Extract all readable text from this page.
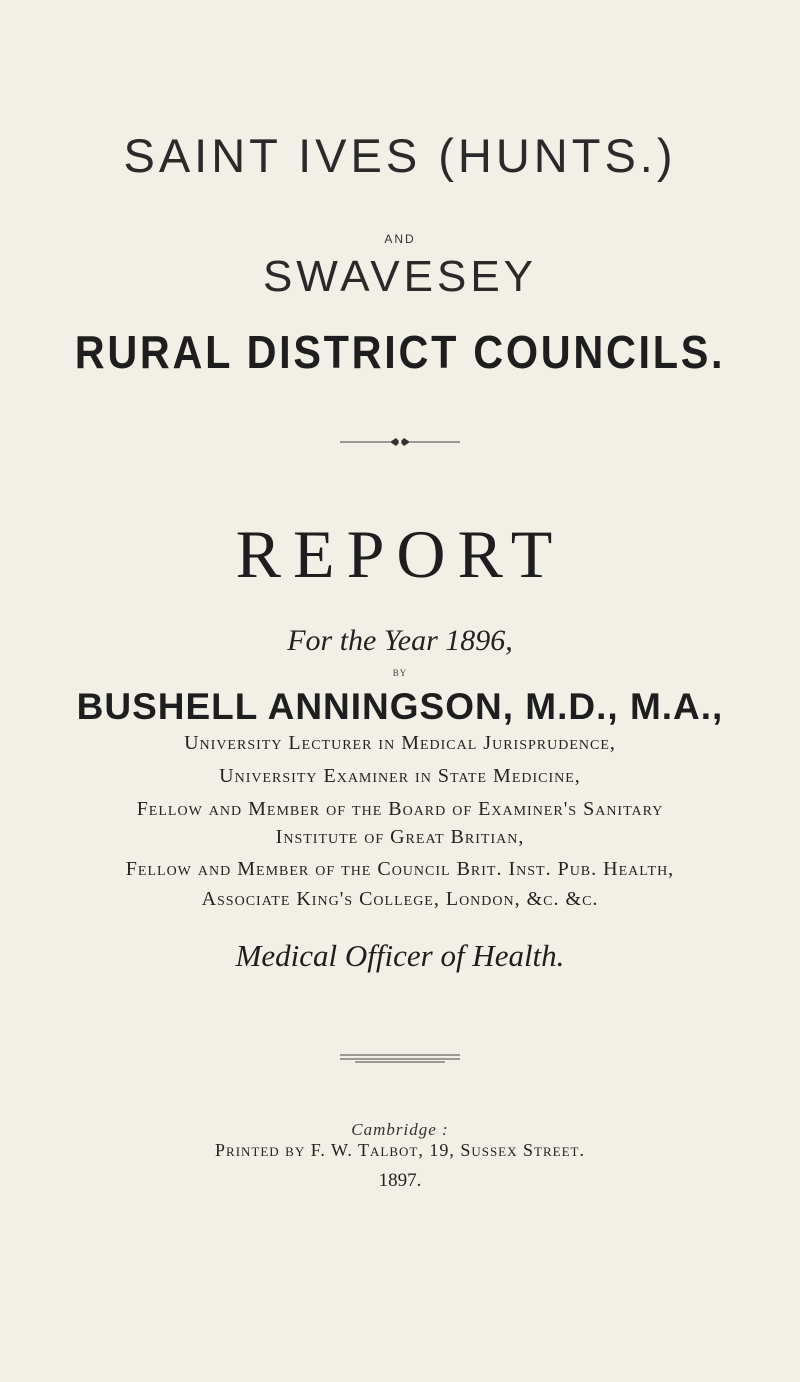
SAINT IVES (HUNTS.)
AND
SWAVESEY
RURAL DISTRICT COUNCILS.
REPORT
For the Year 1896,
BY
BUSHELL ANNINGSON, M.D., M.A.,
University Lecturer in Medical Jurisprudence,
University Examiner in State Medicine,
Fellow and Member of the Board of Examiner's Sanitary
Institute of Great Britian,
Fellow and Member of the Council Brit. Inst. Pub. Health,
Associate King's College, London, &c. &c.
Medical Officer of Health.
Cambridge :
Printed by F. W. Talbot, 19, Sussex Street.
1897.
